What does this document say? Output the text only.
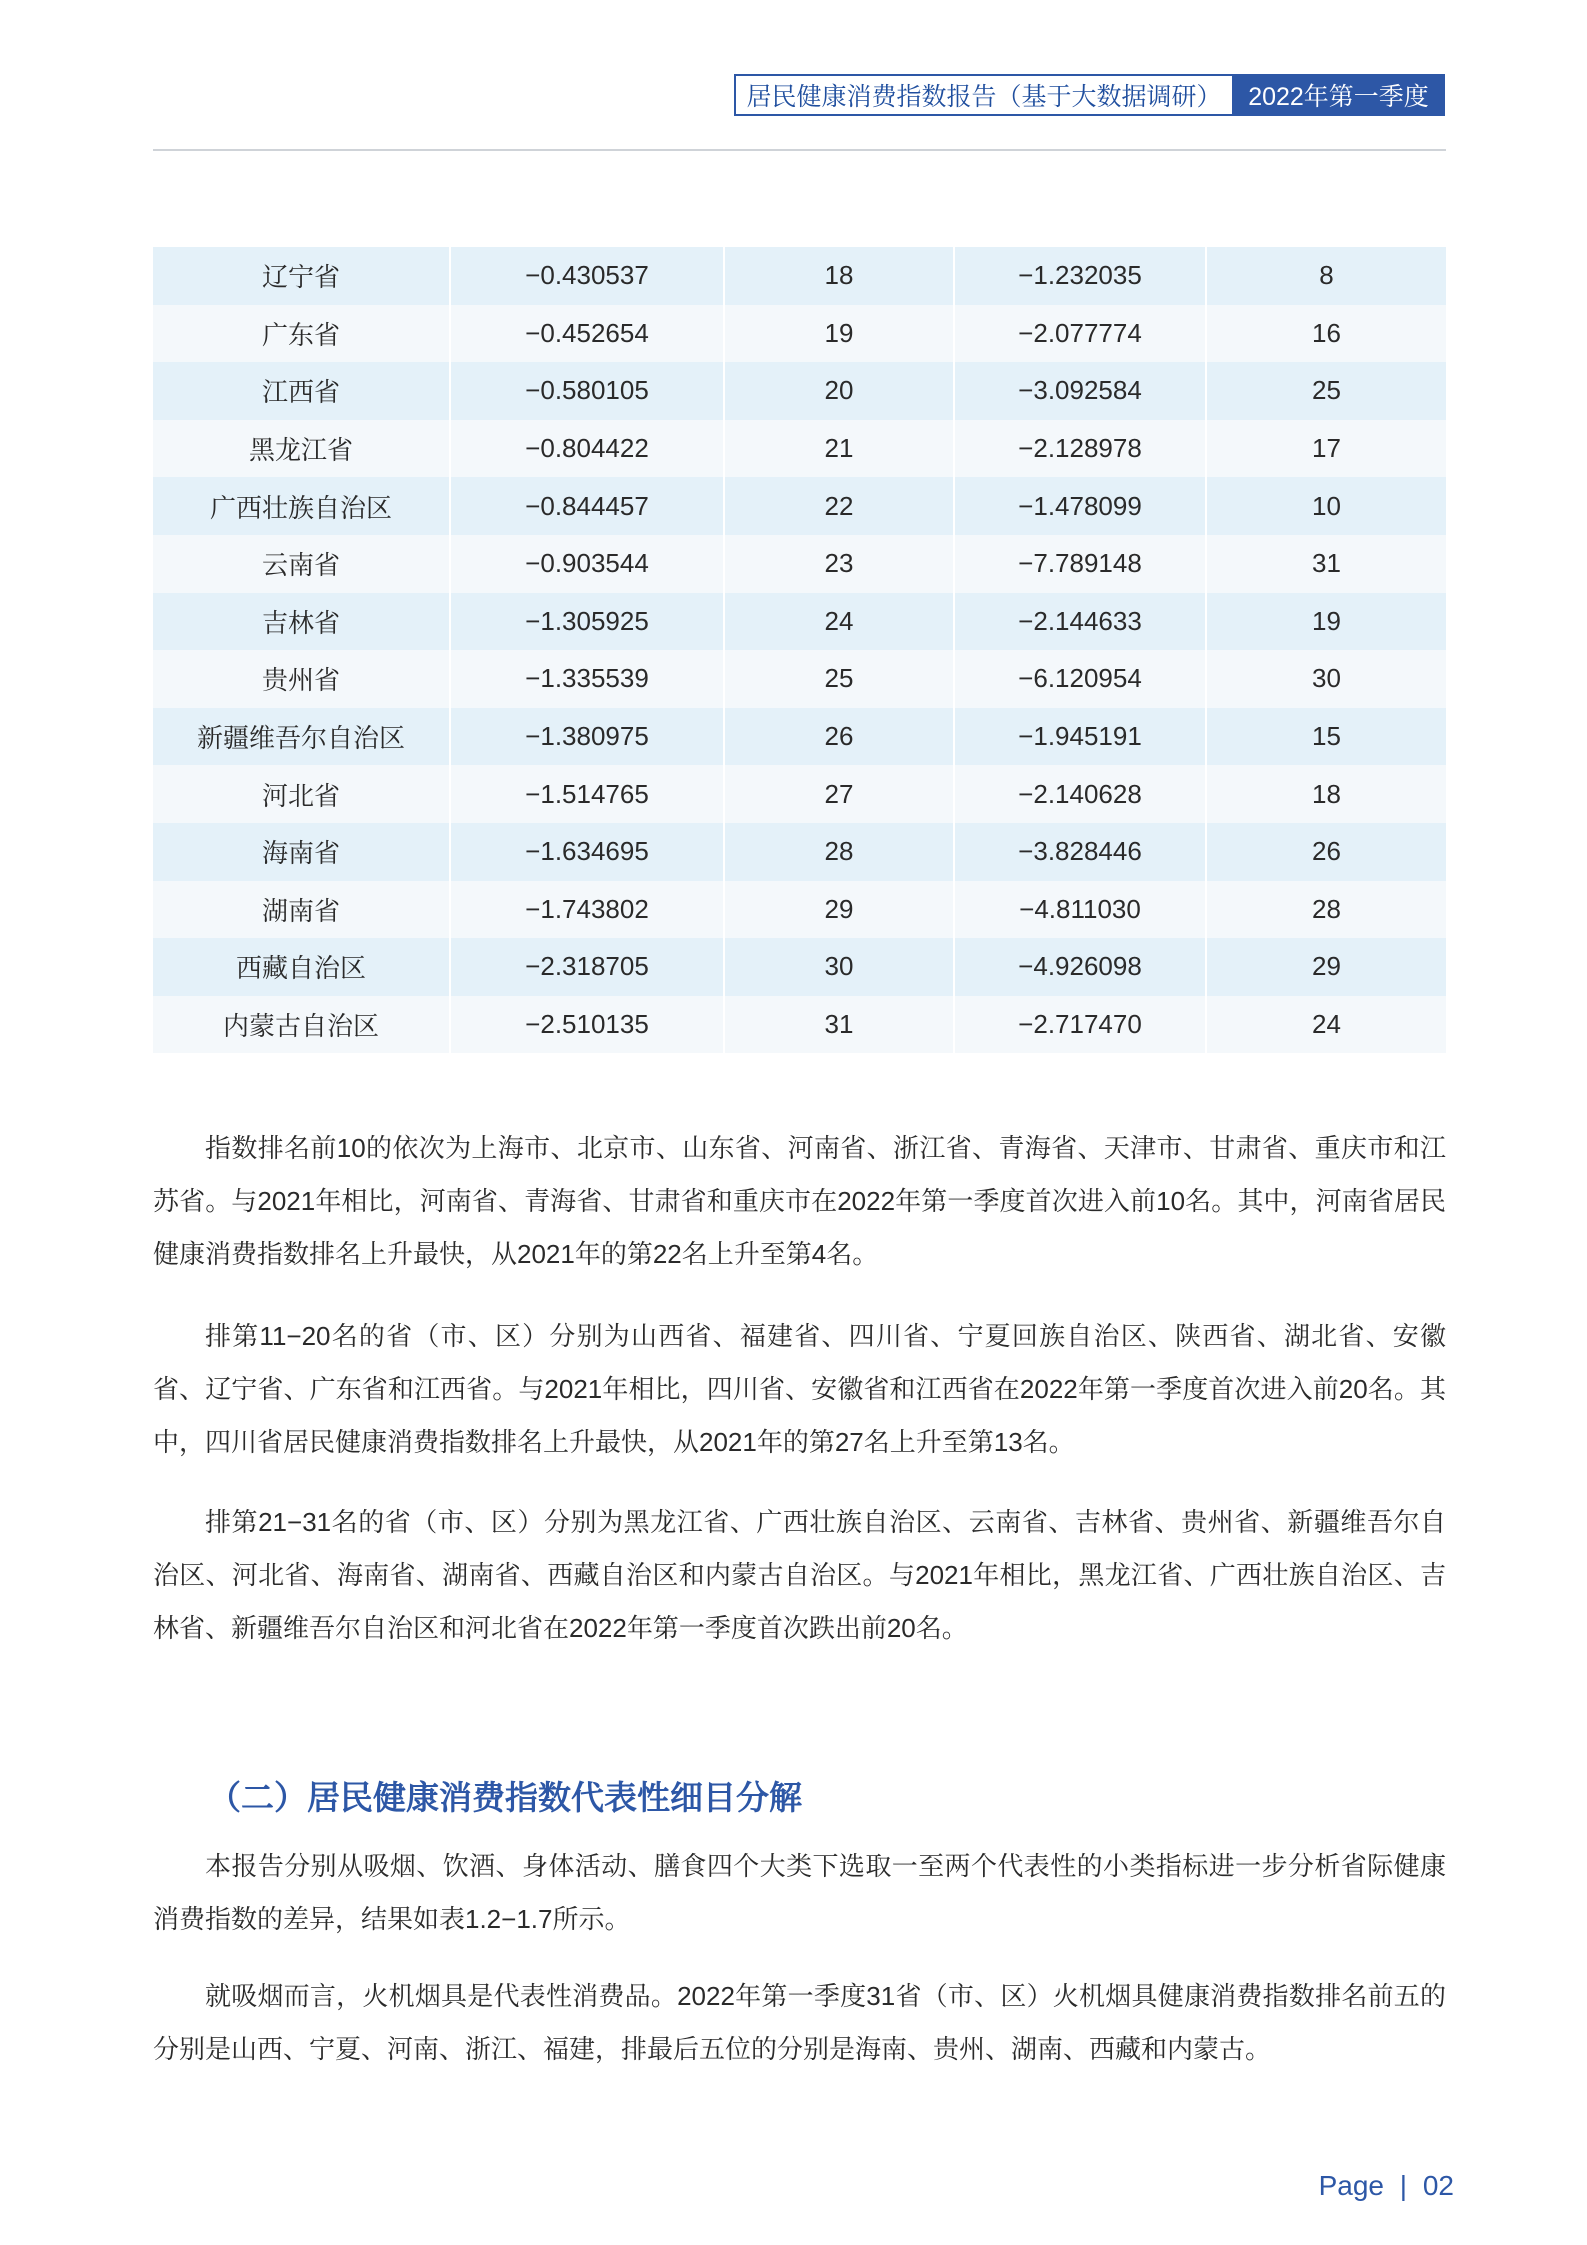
居民健康消费指数报告（基于大数据调研）	2022年第一季度
辽宁省	−0.430537	18	−1.232035	8
广东省	−0.452654	19	−2.077774	16
江西省	−0.580105	20	−3.092584	25
黑龙江省	−0.804422	21	−2.128978	17
广西壮族自治区	−0.844457	22	−1.478099	10
云南省	−0.903544	23	−7.789148	31
吉林省	−1.305925	24	−2.144633	19
贵州省	−1.335539	25	−6.120954	30
新疆维吾尔自治区	−1.380975	26	−1.945191	15
河北省	−1.514765	27	−2.140628	18
海南省	−1.634695	28	−3.828446	26
湖南省	−1.743802	29	−4.811030	28
西藏自治区	−2.318705	30	−4.926098	29
内蒙古自治区	−2.510135	31	−2.717470	24

指数排名前10的依次为上海市、北京市、山东省、河南省、浙江省、青海省、天津市、甘肃省、重庆市和江苏省。与2021年相比，河南省、青海省、甘肃省和重庆市在2022年第一季度首次进入前10名。其中，河南省居民健康消费指数排名上升最快，从2021年的第22名上升至第4名。

排第11−20名的省（市、区）分别为山西省、福建省、四川省、宁夏回族自治区、陕西省、湖北省、安徽省、辽宁省、广东省和江西省。与2021年相比，四川省、安徽省和江西省在2022年第一季度首次进入前20名。其中，四川省居民健康消费指数排名上升最快，从2021年的第27名上升至第13名。

排第21−31名的省（市、区）分别为黑龙江省、广西壮族自治区、云南省、吉林省、贵州省、新疆维吾尔自治区、河北省、海南省、湖南省、西藏自治区和内蒙古自治区。与2021年相比，黑龙江省、广西壮族自治区、吉林省、新疆维吾尔自治区和河北省在2022年第一季度首次跌出前20名。

（二）居民健康消费指数代表性细目分解

本报告分别从吸烟、饮酒、身体活动、膳食四个大类下选取一至两个代表性的小类指标进一步分析省际健康消费指数的差异，结果如表1.2−1.7所示。

就吸烟而言，火机烟具是代表性消费品。2022年第一季度31省（市、区）火机烟具健康消费指数排名前五的分别是山西、宁夏、河南、浙江、福建，排最后五位的分别是海南、贵州、湖南、西藏和内蒙古。

Page | 02
